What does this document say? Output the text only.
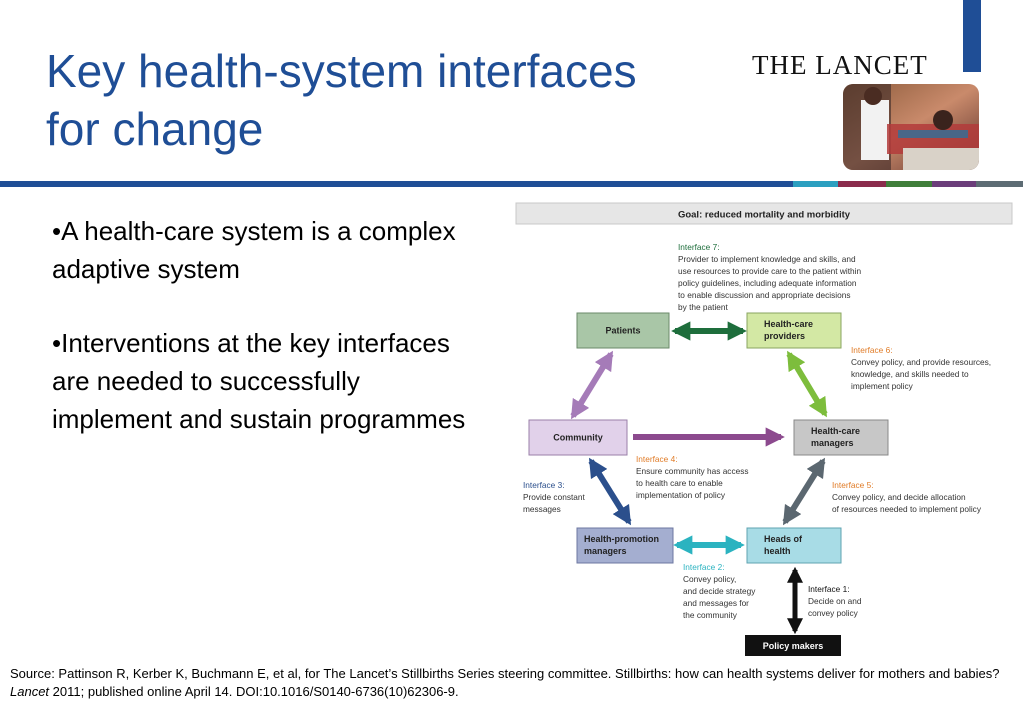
Key health-system interfaces
for change
THE LANCET

•A health-care system is a complex adaptive system

•Interventions at the key interfaces are needed to successfully implement and sustain programmes

Goal: reduced mortality and morbidity
Patients
Health-care
providers
Community
Health-care
managers
Health-promotion
managers
Heads of
health
Policy makers
Interface 7:
Provider to implement knowledge and skills, and
use resources to provide care to the patient within
policy guidelines, including adequate information
to enable discussion and appropriate decisions
by the patient
Interface 6:
Convey policy, and provide resources,
knowledge, and skills needed to
implement policy
Interface 4:
Ensure community has access
to health care to enable
implementation of policy
Interface 3:
Provide constant
messages
Interface 5:
Convey policy, and decide allocation
of resources needed to implement policy
Interface 2:
Convey policy,
and decide strategy
and messages for
the community
Interface 1:
Decide on and
convey policy
Source: Pattinson R, Kerber K, Buchmann E, et al, for The Lancet’s Stillbirths Series steering committee. Stillbirths: how can health systems deliver for mothers and babies? Lancet 2011; published online April 14. DOI:10.1016/S0140-6736(10)62306-9.
